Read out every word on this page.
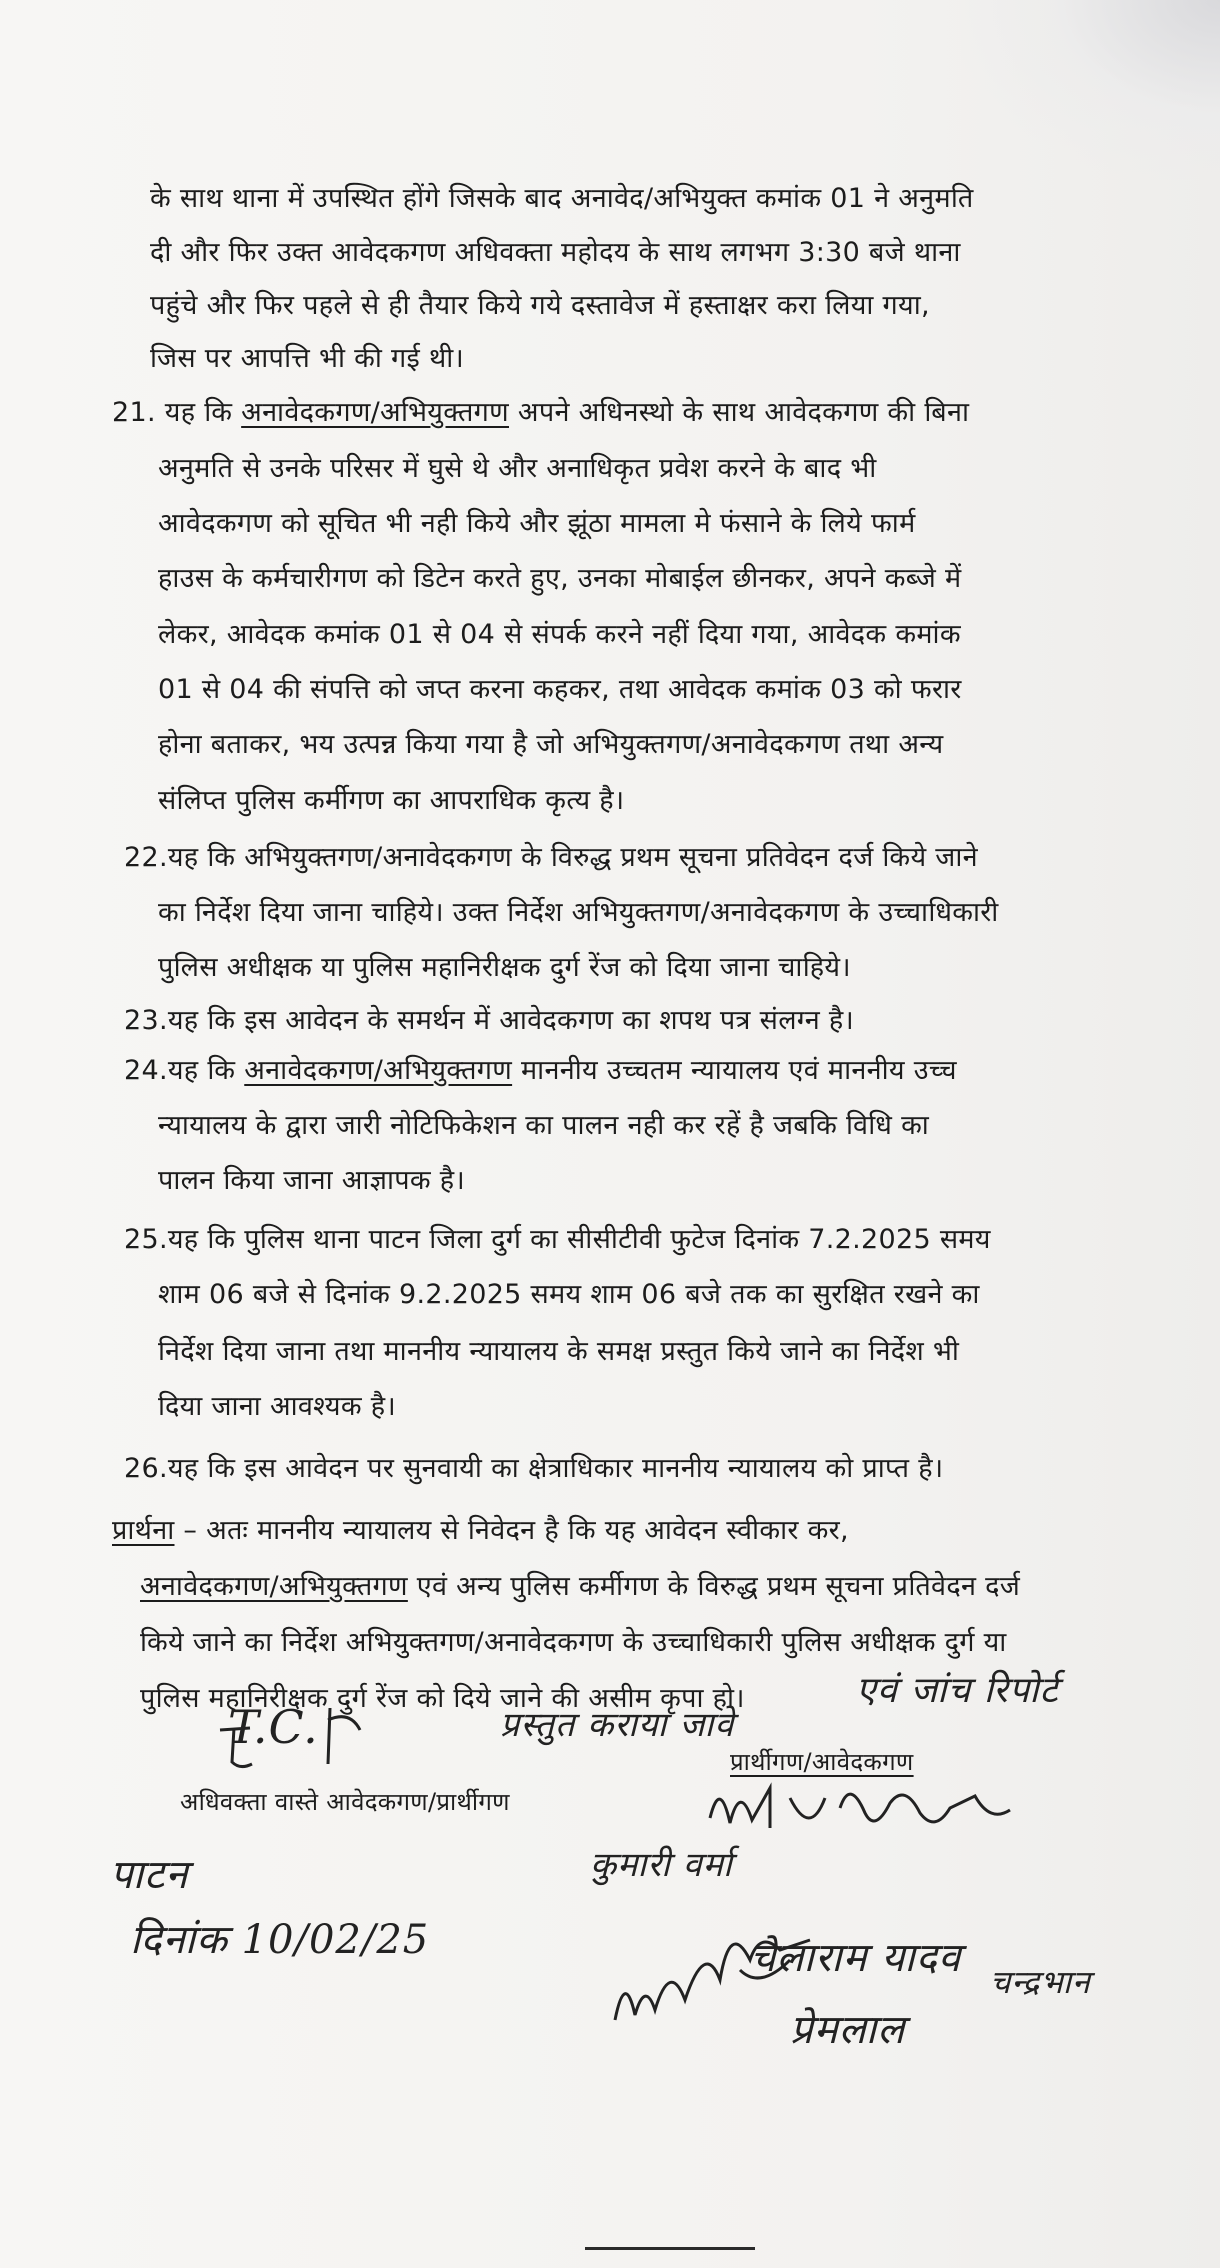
के साथ थाना में उपस्थित होंगे जिसके बाद अनावेद/अभियुक्त कमांक 01 ने अनुमति
दी और फिर उक्त आवेदकगण अधिवक्ता महोदय के साथ लगभग 3:30 बजे थाना
पहुंचे और फिर पहले से ही तैयार किये गये दस्तावेज में हस्ताक्षर करा लिया गया,
जिस पर आपत्ति भी की गई थी।
21. यह कि अनावेदकगण/अभियुक्तगण अपने अधिनस्थो के साथ आवेदकगण की बिना
अनुमति से उनके परिसर में घुसे थे और अनाधिकृत प्रवेश करने के बाद भी
आवेदकगण को सूचित भी नही किये और झूंठा मामला मे फंसाने के लिये फार्म
हाउस के कर्मचारीगण को डिटेन करते हुए, उनका मोबाईल छीनकर, अपने कब्जे में
लेकर, आवेदक कमांक 01 से 04 से संपर्क करने नहीं दिया गया, आवेदक कमांक
01 से 04 की संपत्ति को जप्त करना कहकर, तथा आवेदक कमांक 03 को फरार
होना बताकर, भय उत्पन्न किया गया है जो अभियुक्तगण/अनावेदकगण तथा अन्य
संलिप्त पुलिस कर्मीगण का आपराधिक कृत्य है।
22.यह कि अभियुक्तगण/अनावेदकगण के विरुद्ध प्रथम सूचना प्रतिवेदन दर्ज किये जाने
का निर्देश दिया जाना चाहिये। उक्त निर्देश अभियुक्तगण/अनावेदकगण के उच्चाधिकारी
पुलिस अधीक्षक या पुलिस महानिरीक्षक दुर्ग रेंज को दिया जाना चाहिये।
23.यह कि इस आवेदन के समर्थन में आवेदकगण का शपथ पत्र संलग्न है।
24.यह कि अनावेदकगण/अभियुक्तगण माननीय उच्चतम न्यायालय एवं माननीय उच्च
न्यायालय के द्वारा जारी नोटिफिकेशन का पालन नही कर रहें है जबकि विधि का
पालन किया जाना आज्ञापक है।
25.यह कि पुलिस थाना पाटन जिला दुर्ग का सीसीटीवी फुटेज दिनांक 7.2.2025 समय
शाम 06 बजे से दिनांक 9.2.2025 समय शाम 06 बजे तक का सुरक्षित रखने का
निर्देश दिया जाना तथा माननीय न्यायालय के समक्ष प्रस्तुत किये जाने का निर्देश भी
दिया जाना आवश्यक है।
26.यह कि इस आवेदन पर सुनवायी का क्षेत्राधिकार माननीय न्यायालय को प्राप्त है।
प्रार्थना – अतः माननीय न्यायालय से निवेदन है कि यह आवेदन स्वीकार कर,
अनावेदकगण/अभियुक्तगण एवं अन्य पुलिस कर्मीगण के विरुद्ध प्रथम सूचना प्रतिवेदन दर्ज
किये जाने का निर्देश अभियुक्तगण/अनावेदकगण के उच्चाधिकारी पुलिस अधीक्षक दुर्ग या
पुलिस महानिरीक्षक दुर्ग रेंज को दिये जाने की असीम कृपा हो।	एवं जांच रिपोर्ट
प्रस्तुत कराया जावे
T.C.
प्रार्थीगण/आवेदकगण
अधिवक्ता वास्ते आवेदकगण/प्रार्थीगण
पाटन
दिनांक 10/02/25
कुमारी वर्मा
चेलाराम यादव
प्रेमलाल
चन्द्रभान
